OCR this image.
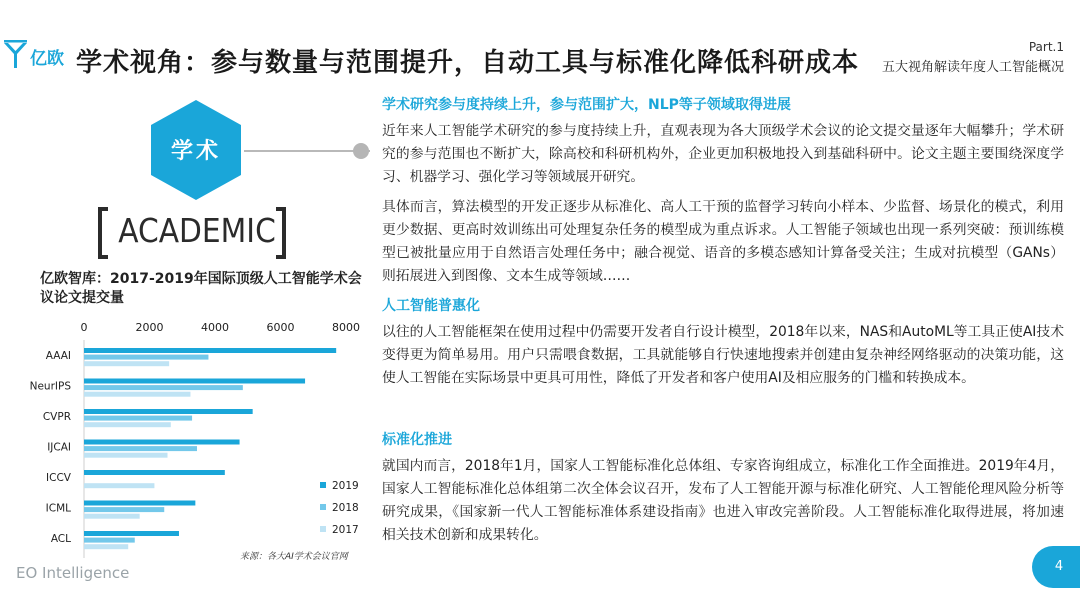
亿欧 学术视角：参与数量与范围提升，自动工具与标准化降低科研成本
Part.1
五大视角解读年度人工智能概况
学术
ACADEMIC
亿欧智库：2017-2019年国际顶级人工智能学术会议论文提交量
0	2000	4000	6000	8000
AAAI
NeurIPS
CVPR
IJCAI
ICCV
ICML
ACL
2019
2018
2017
来源：各大AI学术会议官网
学术研究参与度持续上升，参与范围扩大，NLP等子领域取得进展

近年来人工智能学术研究的参与度持续上升，直观表现为各大顶级学术会议的论文提交量逐年大幅攀升；学术研究的参与范围也不断扩大，除高校和科研机构外，企业更加积极地投入到基础科研中。论文主题主要围绕深度学习、机器学习、强化学习等领域展开研究。

具体而言，算法模型的开发正逐步从标准化、高人工干预的监督学习转向小样本、少监督、场景化的模式，利用更少数据、更高时效训练出可处理复杂任务的模型成为重点诉求。人工智能子领域也出现一系列突破：预训练模型已被批量应用于自然语言处理任务中；融合视觉、语音的多模态感知计算备受关注；生成对抗模型（GANs）则拓展进入到图像、文本生成等领域……

人工智能普惠化

以往的人工智能框架在使用过程中仍需要开发者自行设计模型，2018年以来，NAS和AutoML等工具正使AI技术变得更为简单易用。用户只需喂食数据，工具就能够自行快速地搜索并创建由复杂神经网络驱动的决策功能，这使人工智能在实际场景中更具可用性，降低了开发者和客户使用AI及相应服务的门槛和转换成本。

标准化推进

就国内而言，2018年1月，国家人工智能标准化总体组、专家咨询组成立，标准化工作全面推进。2019年4月，国家人工智能标准化总体组第二次全体会议召开，发布了人工智能开源与标准化研究、人工智能伦理风险分析等研究成果，《国家新一代人工智能标准体系建设指南》也进入审改完善阶段。人工智能标准化取得进展，将加速相关技术创新和成果转化。

EO Intelligence	4
